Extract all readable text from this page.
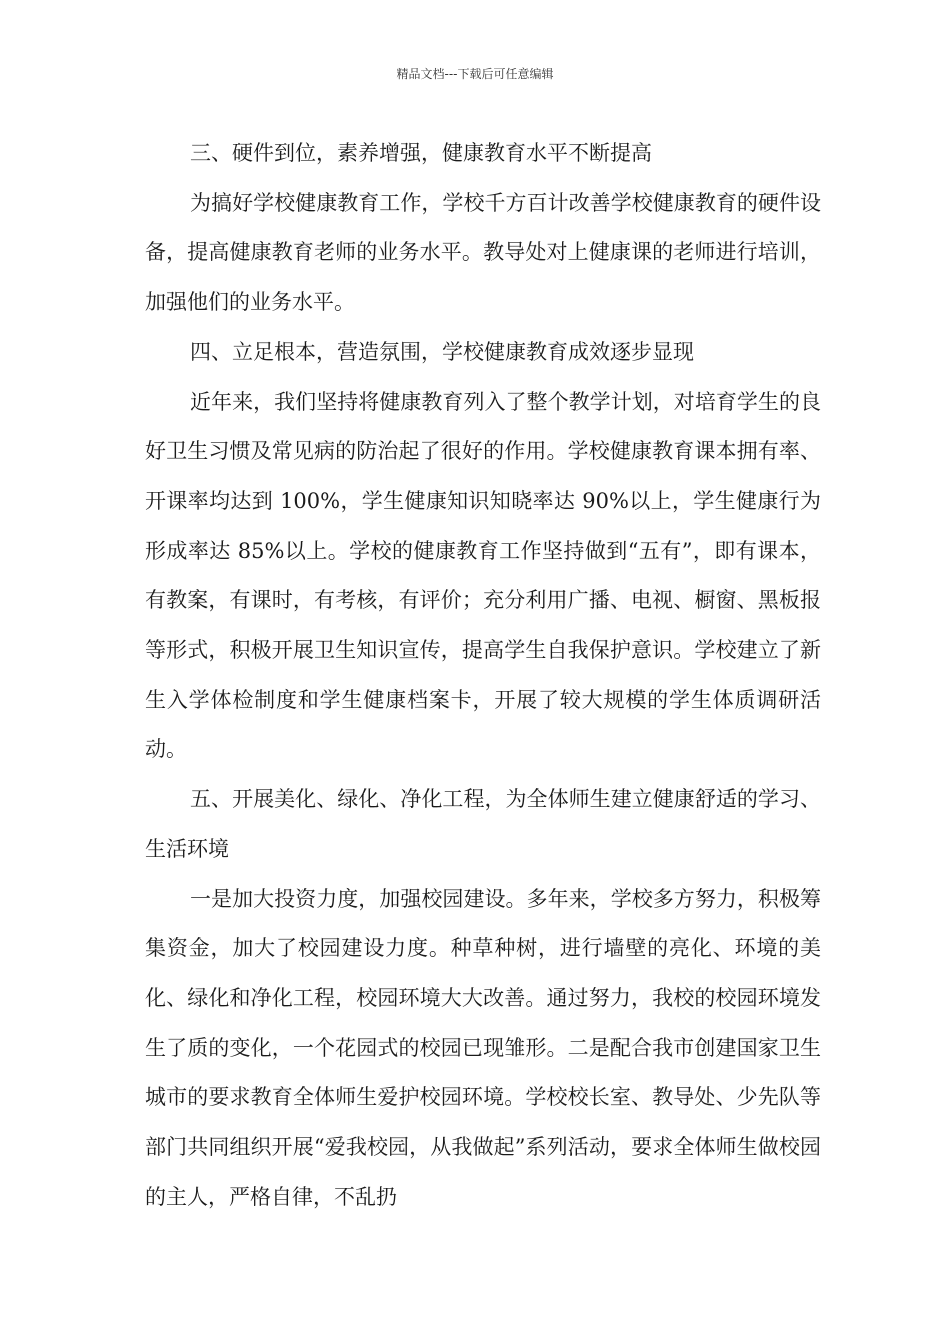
精品文档---下载后可任意编辑

三、硬件到位，素养增强，健康教育水平不断提高

为搞好学校健康教育工作，学校千方百计改善学校健康教育的硬件设备，提高健康教育老师的业务水平。教导处对上健康课的老师进行培训，加强他们的业务水平。

四、立足根本，营造氛围，学校健康教育成效逐步显现

近年来，我们坚持将健康教育列入了整个教学计划，对培育学生的良好卫生习惯及常见病的防治起了很好的作用。学校健康教育课本拥有率、开课率均达到 100%，学生健康知识知晓率达 90%以上，学生健康行为形成率达 85%以上。学校的健康教育工作坚持做到“五有”，即有课本，有教案，有课时，有考核，有评价；充分利用广播、电视、橱窗、黑板报等形式，积极开展卫生知识宣传，提高学生自我保护意识。学校建立了新生入学体检制度和学生健康档案卡，开展了较大规模的学生体质调研活动。

五、开展美化、绿化、净化工程，为全体师生建立健康舒适的学习、生活环境

一是加大投资力度，加强校园建设。多年来，学校多方努力，积极筹集资金，加大了校园建设力度。种草种树，进行墙壁的亮化、环境的美化、绿化和净化工程，校园环境大大改善。通过努力，我校的校园环境发生了质的变化，一个花园式的校园已现雏形。二是配合我市创建国家卫生城市的要求教育全体师生爱护校园环境。学校校长室、教导处、少先队等部门共同组织开展“爱我校园，从我做起”系列活动，要求全体师生做校园的主人，严格自律，不乱扔
